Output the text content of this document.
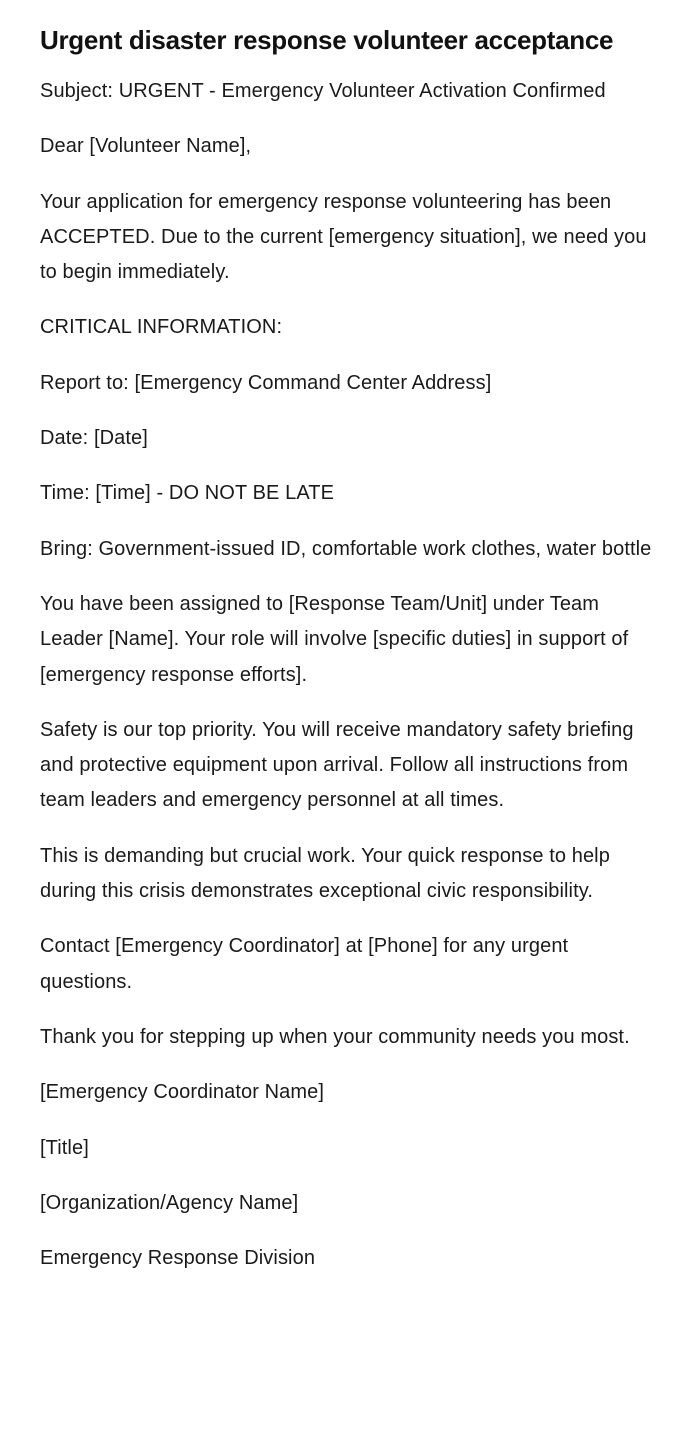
Urgent disaster response volunteer acceptance

Subject: URGENT - Emergency Volunteer Activation Confirmed

Dear [Volunteer Name],

Your application for emergency response volunteering has been ACCEPTED. Due to the current [emergency situation], we need you to begin immediately.

CRITICAL INFORMATION:

Report to: [Emergency Command Center Address]

Date: [Date]

Time: [Time] - DO NOT BE LATE

Bring: Government-issued ID, comfortable work clothes, water bottle

You have been assigned to [Response Team/Unit] under Team Leader [Name]. Your role will involve [specific duties] in support of [emergency response efforts].

Safety is our top priority. You will receive mandatory safety briefing and protective equipment upon arrival. Follow all instructions from team leaders and emergency personnel at all times.

This is demanding but crucial work. Your quick response to help during this crisis demonstrates exceptional civic responsibility.

Contact [Emergency Coordinator] at [Phone] for any urgent questions.

Thank you for stepping up when your community needs you most.

[Emergency Coordinator Name]

[Title]

[Organization/Agency Name]

Emergency Response Division
